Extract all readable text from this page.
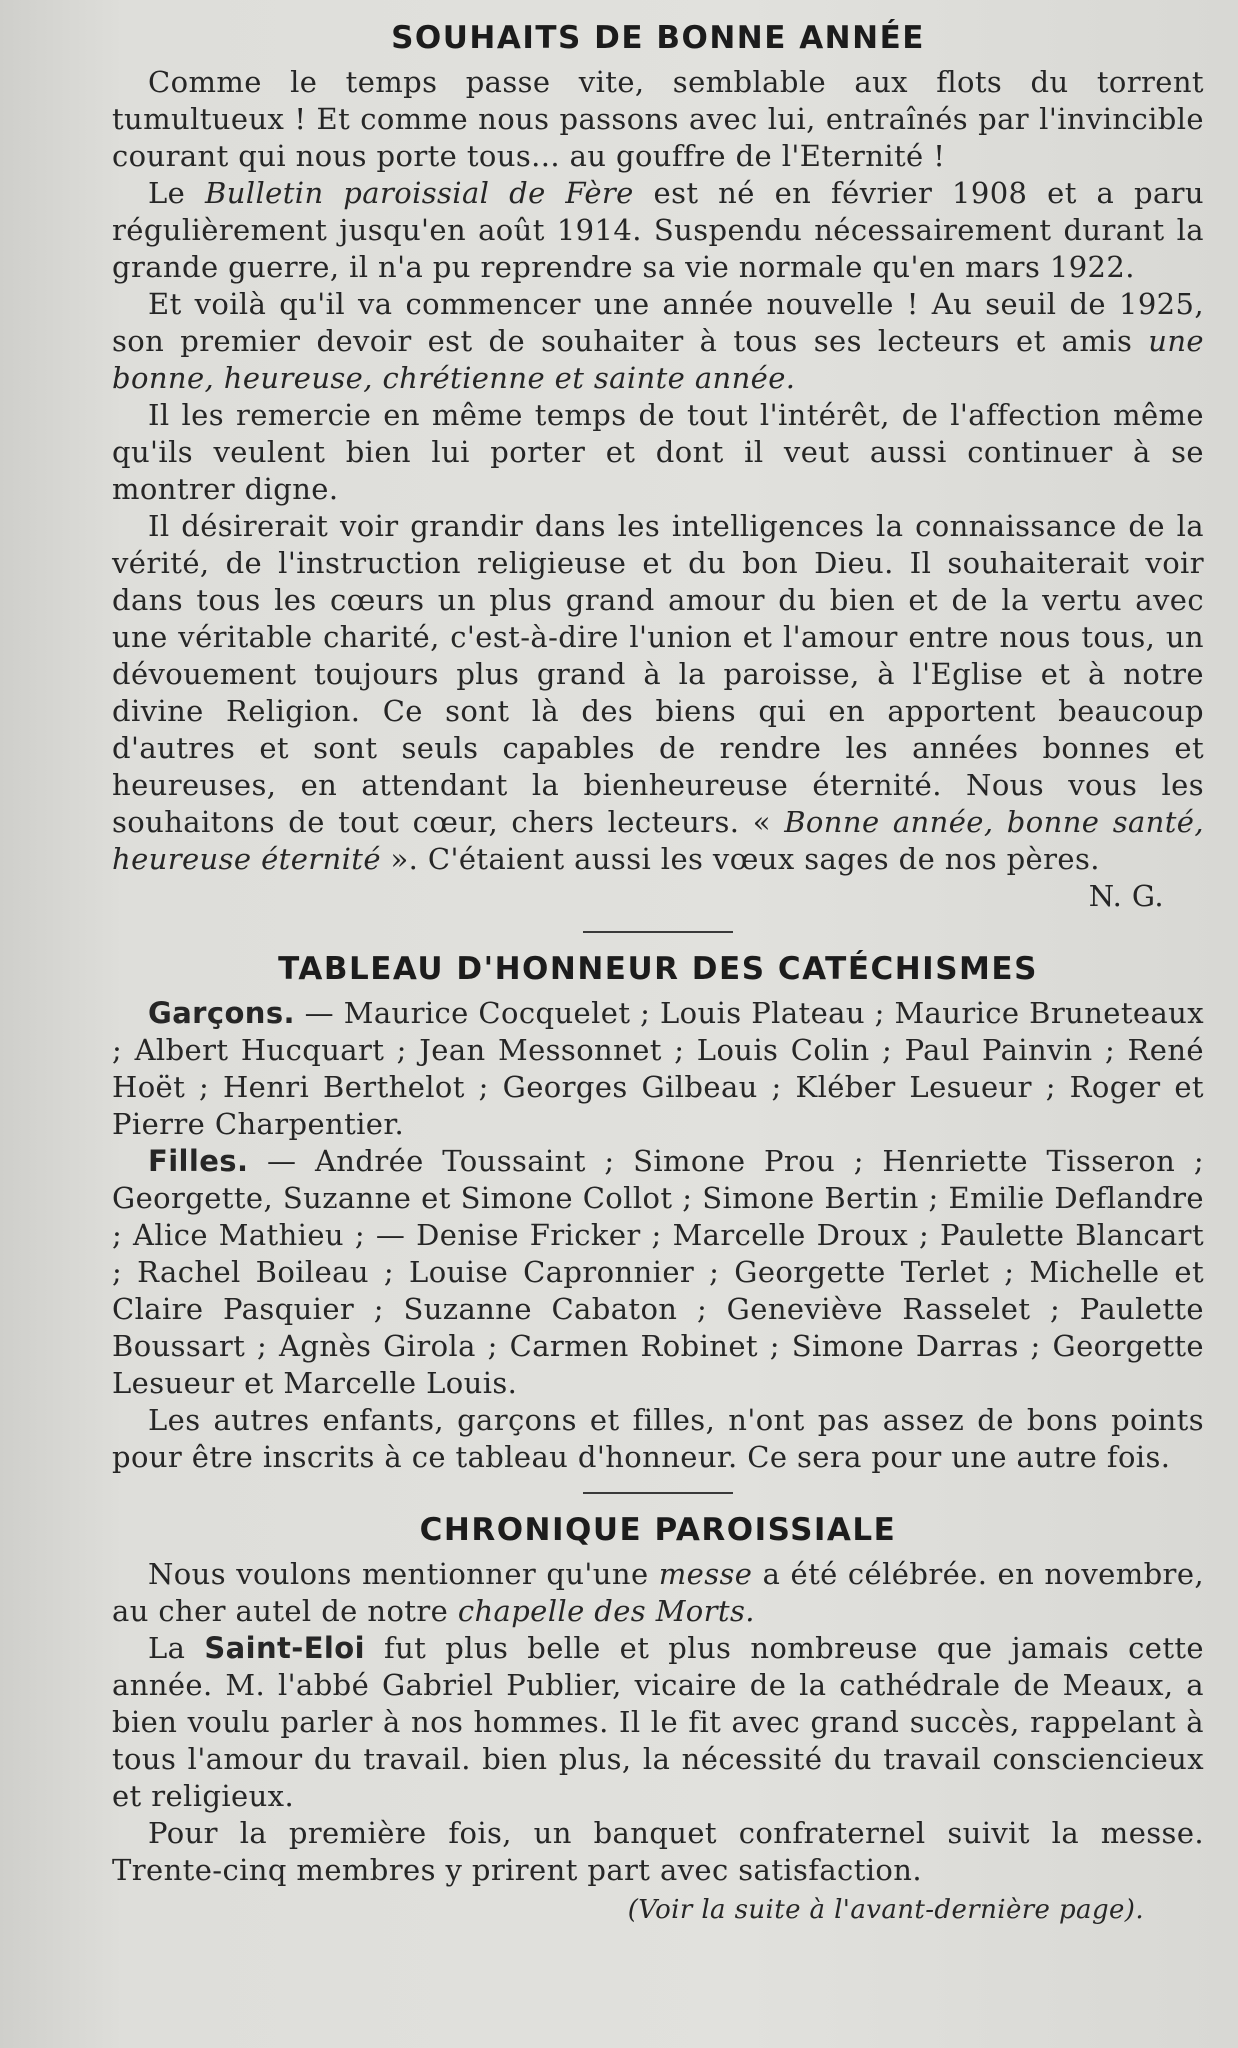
SOUHAITS DE BONNE ANNÉE

Comme le temps passe vite, semblable aux flots du torrent tumultueux ! Et comme nous passons avec lui, entraînés par l'invincible courant qui nous porte tous... au gouffre de l'Eternité !

Le Bulletin paroissial de Fère est né en février 1908 et a paru régulièrement jusqu'en août 1914. Suspendu nécessairement durant la grande guerre, il n'a pu reprendre sa vie normale qu'en mars 1922.

Et voilà qu'il va commencer une année nouvelle ! Au seuil de 1925, son premier devoir est de souhaiter à tous ses lecteurs et amis une bonne, heureuse, chrétienne et sainte année.

Il les remercie en même temps de tout l'intérêt, de l'affection même qu'ils veulent bien lui porter et dont il veut aussi continuer à se montrer digne.

Il désirerait voir grandir dans les intelligences la connaissance de la vérité, de l'instruction religieuse et du bon Dieu. Il souhaiterait voir dans tous les cœurs un plus grand amour du bien et de la vertu avec une véritable charité, c'est-à-dire l'union et l'amour entre nous tous, un dévouement toujours plus grand à la paroisse, à l'Eglise et à notre divine Religion. Ce sont là des biens qui en apportent beaucoup d'autres et sont seuls capables de rendre les années bonnes et heureuses, en attendant la bienheureuse éternité. Nous vous les souhaitons de tout cœur, chers lecteurs. « Bonne année, bonne santé, heureuse éternité ». C'étaient aussi les vœux sages de nos pères.
N. G.

TABLEAU D'HONNEUR DES CATÉCHISMES

Garçons. — Maurice Cocquelet ; Louis Plateau ; Maurice Bruneteaux ; Albert Hucquart ; Jean Messonnet ; Louis Colin ; Paul Painvin ; René Hoët ; Henri Berthelot ; Georges Gilbeau ; Kléber Lesueur ; Roger et Pierre Charpentier.

Filles. — Andrée Toussaint ; Simone Prou ; Henriette Tisseron ; Georgette, Suzanne et Simone Collot ; Simone Bertin ; Emilie Deflandre ; Alice Mathieu ; — Denise Fricker ; Marcelle Droux ; Paulette Blancart ; Rachel Boileau ; Louise Capronnier ; Georgette Terlet ; Michelle et Claire Pasquier ; Suzanne Cabaton ; Geneviève Rasselet ; Paulette Boussart ; Agnès Girola ; Carmen Robinet ; Simone Darras ; Georgette Lesueur et Marcelle Louis.

Les autres enfants, garçons et filles, n'ont pas assez de bons points pour être inscrits à ce tableau d'honneur. Ce sera pour une autre fois.

CHRONIQUE PAROISSIALE

Nous voulons mentionner qu'une messe a été célébrée. en novembre, au cher autel de notre chapelle des Morts.

La Saint-Eloi fut plus belle et plus nombreuse que jamais cette année. M. l'abbé Gabriel Publier, vicaire de la cathédrale de Meaux, a bien voulu parler à nos hommes. Il le fit avec grand succès, rappelant à tous l'amour du travail. bien plus, la nécessité du travail consciencieux et religieux.

Pour la première fois, un banquet confraternel suivit la messe. Trente-cinq membres y prirent part avec satisfaction.

(Voir la suite à l'avant-dernière page).
